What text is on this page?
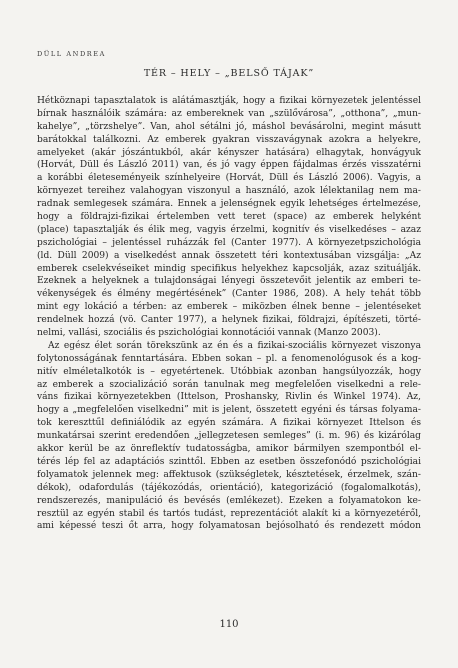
DÜLL ANDREA
TÉR – HELY – „BELSŐ TÁJAK”
Hétköznapi tapasztalatok is alátámasztják, hogy a fizikai környezetek jelentéssel
bírnak használóik számára: az embereknek van „szülővárosa”, „otthona”, „mun-
kahelye”, „törzshelye”. Van, ahol sétálni jó, máshol bevásárolni, megint másutt
barátokkal találkozni. Az emberek gyakran visszavágynak azokra a helyekre,
amelyeket (akár jószántukból, akár kényszer hatására) elhagytak, honvágyuk
(Horvát, Düll és László 2011) van, és jó vagy éppen fájdalmas érzés visszatérni
a korábbi életeseményeik színhelyeire (Horvát, Düll és László 2006). Vagyis, a
környezet tereihez valahogyan viszonyul a használó, azok lélektanilag nem ma-
radnak semlegesek számára. Ennek a jelenségnek egyik lehetséges értelmezése,
hogy a földrajzi-fizikai értelemben vett teret (space) az emberek helyként
(place) tapasztalják és élik meg, vagyis érzelmi, kognitív és viselkedéses – azaz
pszichológiai – jelentéssel ruházzák fel (Canter 1977). A környezetpszichológia
(ld. Düll 2009) a viselkedést annak összetett téri kontextusában vizsgálja: „Az
emberek cselekvéseiket mindig specifikus helyekhez kapcsolják, azaz szituálják.
Ezeknek a helyeknek a tulajdonságai lényegi összetevőit jelentik az emberi te-
vékenységek és élmény megértésének” (Canter 1986, 208). A hely tehát több
mint egy lokáció a térben: az emberek – miközben élnek benne – jelentéseket
rendelnek hozzá (vö. Canter 1977), a helynek fizikai, földrajzi, építészeti, törté-
nelmi, vallási, szociális és pszichológiai konnotációi vannak (Manzo 2003).
Az egész élet során törekszünk az én és a fizikai-szociális környezet viszonya
folytonosságának fenntartására. Ebben sokan – pl. a fenomenológusok és a kog-
nitív elméletalkotók is – egyetértenek. Utóbbiak azonban hangsúlyozzák, hogy
az emberek a szocializáció során tanulnak meg megfelelően viselkedni a rele-
váns fizikai környezetekben (Ittelson, Proshansky, Rivlin és Winkel 1974). Az,
hogy a „megfelelően viselkedni” mit is jelent, összetett egyéni és társas folyama-
tok kereszttűl definiálódik az egyén számára. A fizikai környezet Ittelson és
munkatársai szerint eredendően „jellegzetesen semleges” (i. m. 96) és kizárólag
akkor kerül be az önreflektív tudatosságba, amikor bármilyen szempontból el-
térés lép fel az adaptációs szinttől. Ebben az esetben összefonódó pszichológiai
folyamatok jelennek meg: affektusok (szükségletek, késztetések, érzelmek, szán-
dékok), odafordulás (tájékozódás, orientáció), kategorizáció (fogalomalkotás),
rendszerezés, manipuláció és bevésés (emlékezet). Ezeken a folyamatokon ke-
resztül az egyén stabil és tartós tudást, reprezentációt alakít ki a környezetéről,
ami képessé teszi őt arra, hogy folyamatosan bejósolható és rendezett módon
110
